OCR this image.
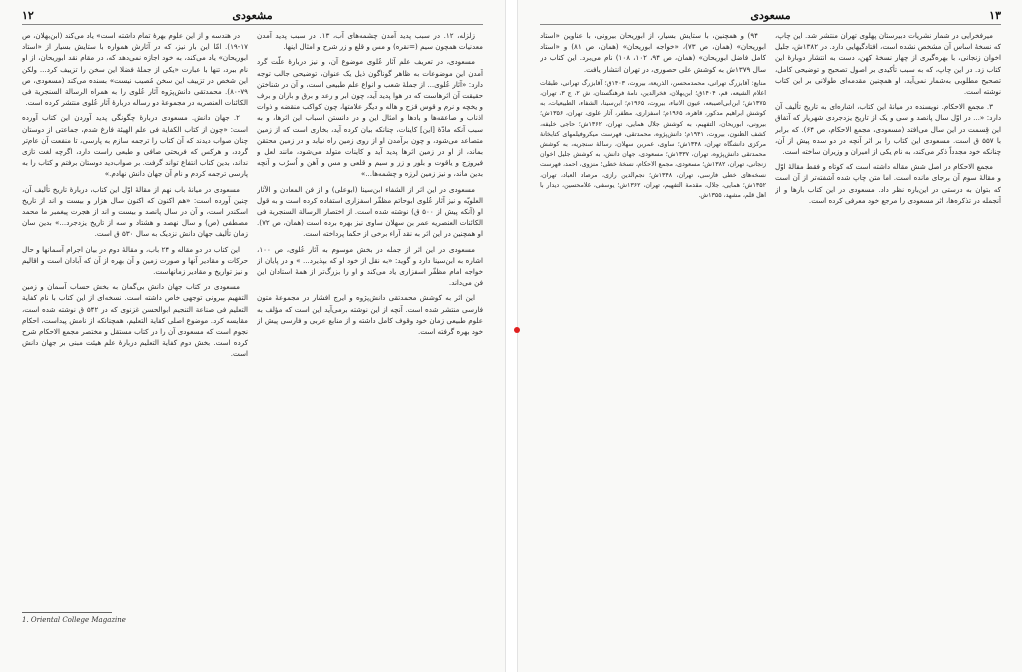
۱۲	مشعودی

زلزله، ۱۲. در سبب پدید آمدن چشمه‌های آب، ۱۳. در سبب پدید آمدن معدنیات همچون سیم (=نقره) و مس و قلع و زر شرح و امثال اینها.

مسعودی، در تعریف علم آثار عُلوی موضوع آن، و نیز دربارهٔ علّت گرد آمدن این موضوعات به ظاهر گوناگون ذیل یک عنوان، توضیحی جالب توجه دارد: «آثار عُلوی... از جملهٔ شعب و انواع علم طبیعی است، و آن در شناختن حقیقت آن اثرهاست که در هوا پدید آید، چون ابر و رعد و برق و باران و برف و یخچه و نرم و قوس قزح و هاله و دیگر علامتها، چون کواکب منقضه و ذوات اذناب و صاعقه‌ها و بادها و امثال این و در دانستن اسباب این اثرها، و به سبب آنکه مادّهٔ [این] کاینات، چنانکه بیان کرده آید، بخاری است که از زمین متصاعد می‌شود، و چون برآمدن او از روی زمین راه نیابد و در زمین محتقن بماند، از او در زمین اثرها پدید آید و کاینات متولد می‌شود، مانند لعل و فیروزج و یاقوت و بلور و زر و سیم و قلعی و مس و آهن و اُسرُب و آنچه بدین ماند، و نیز زمین لرزه و چشمه‌ها...»

مسعودی در این اثر از الشفاء ابن‌سینا (ابوعلی) و از فن المعادن و الآثار العلویّه و نیز آثار عُلوی ابوحاتم مظفّر اسفزاری استفاده کرده است و به قول او (آنکه پیش از ۵۰۰ ق) نوشته شده است. از اختصار الرسالة السنجریة فی الکائنات العنصریه عمر بن سهلان ساوی نیز بهره برده است (همان، ص ۷۲). او همچنین در این اثر به نقد آراء برخی از حکما پرداخته است.

مسعودی در این اثر از جمله در بخش موسوم به آثار عُلوی، ص ۱۰۰، اشاره به ابن‌سینا دارد و گوید: «به نقل از خود او که بپذیرد... » و در پایان از خواجه امام مظفّر اسفزاری یاد می‌کند و او را بزرگ‌تر از همهٔ استادان این فن می‌داند.

این اثر به کوشش محمدتقی دانش‌پژوه و ایرج افشار در مجموعهٔ متون فارسی منتشر شده است. آنچه از این نوشته برمی‌آید این است که مؤلف به علوم طبیعی زمان خود وقوف کامل داشته و از منابع عربی و فارسی پیش از خود بهره گرفته است.

در هندسه و از این علوم بهرهٔ تمام داشته است» یاد می‌کند (ابن‌بهلان، ص ۱۷-۱۹). امّا این بار نیز، که در آثارش همواره با ستایش بسیار از «استاد ابوریحان» یاد می‌کند، به خود اجازه نمی‌دهد که، در مقام نقد ابوریحان، از او نام ببرد، تنها با عبارت «یکی از جملهٔ فضلا این سخن را تزییف کرد... ولکن این شخص در تزییف این سخن مُصیب نیست» بسنده می‌کند (مسعودی، ص ۷۹-۸۰). محمدتقی دانش‌پژوه آثار عُلوی را به همراه الرسالة السنجریة فی الکائنات العنصریه در مجموعهٔ دو رساله دربارهٔ آثار عُلوی منتشر کرده است.

۲. جهان دانش. مسعودی دربارهٔ چگونگی پدید آوردن این کتاب آورده است: «چون از کتاب الکفایة فی علم الهیئة فارغ شدم، جماعتی از دوستان چنان صواب دیدند که آن کتاب را ترجمه سازم به پارسی، تا منفعت آن عام‌تر گردد، و هرکس که فریحتی صافی و طبعی راست دارد، اگرچه لغت تازی نداند، بدین کتاب انتفاع تواند گرفت. بر صواب‌دید دوستان برفتم و کتاب را به پارسی ترجمه کردم و نام آن جهان دانش نهادم.»

مسعودی در میانهٔ باب نهم از مقالهٔ اوّل این کتاب، دربارهٔ تاریخ تألیف آن، چنین آورده است: «هم اکنون که اکنون سال هزار و بیست و اند از تاریخ اسکندر است، و آن در سال پانصد و بیست و اند از هجرت پیغمبر ما محمد مصطفی (ص) و سال نهصد و هشتاد و سه از تاریخ یزدجرد...» بدین سان زمان تألیف جهان دانش نزدیک به سال ۵۳۰ ق است.

این کتاب در دو مقاله و ۲۴ باب، و مقالهٔ دوم در بیان اجرام آسمانها و حال حرکات و مقادیر آنها و صورت زمین و آن بهره از آن که آبادان است و اقالیم و نیز تواریخ و مقادیر زمانهاست.

مسعودی در کتاب جهان دانش بی‌گمان به بخش حساب آسمان و زمین التفهیم بیرونی توجهی خاص داشته است. نسخه‌ای از این کتاب با نام کفایة التعلیم فی صناعة التنجیم ابوالحسن غزنوی که در ۵۴۲ ق نوشته شده است، مقایسه کرد. موضوع اصلی کفایة التعلیم، همچنانکه از نامش پیداست، احکام نجوم است که مسعودی آن را در کتاب مستقل و مختصر مجمع الاحکام شرح کرده است. بخش دوم کفایة التعلیم دربارهٔ علم هیئت مبنی بر جهان دانش است.

1. Oriental College Magazine
مسعودی	۱۳

میرفخرایی در شمار نشریات دبیرستان پهلوی تهران منتشر شد. این چاپ، که نسخهٔ اساس آن مشخص نشده است، افتادگیهایی دارد. در ۱۳۸۲ش، جلیل اخوان زنجانی، با بهره‌گیری از چهار نسخهٔ کهن، دست به انتشار دوبارهٔ این کتاب زد. در این چاپ، که به سبب تأکیدی بر اصول تصحیح و توضیحی کامل، تصحیح مطلوبی به‌شمار نمی‌آید، او همچنین مقدمه‌ای طولانی بر این کتاب نوشته است.

۳. مجمع الاحکام. نویسنده در میانهٔ این کتاب، اشاره‌ای به تاریخ تألیف آن دارد: «... در اوّل سال پانصد و سی و یک از تاریخ یزدجردی شهریار که آتفاق این قِسمت در این سال می‌افتد (مسعودی، مجمع الاحکام، ص ۶۴). که برابر با ۵۵۷ ق است. مسعودی این کتاب را بر اثر آنچه در دو سده پیش از آن، چنانکه خود مجدداً ذکر می‌کند، به نام یکی از امیران و وزیران ساخته است.

مجمع الاحکام در اصل شش مقاله داشته است که کوتاه و فقط مقالهٔ اوّل و مقالهٔ سوم آن برجای مانده است. اما متن چاپ شده آشفته‌تر از آن است که بتوان به درستی در این‌باره نظر داد. مسعودی در این کتاب بارها و از آنجمله در تذکره‌ها، اثر مسعودی را مرجع خود معرفی کرده است.

۹۴) و همچنین، با ستایش بسیار، از ابوریحان بیرونی، با عناوین «استاد ابوریحان» (همان، ص ۷۳)، «خواجه ابوریحان» (همان، ص ۸۱) و «استاد کامل فاضل ابوریحان» (همان، ص ۹۴، ۱۰۲، ۱۰۸) نام می‌برد. این کتاب در سال ۱۳۷۹ش به کوشش علی حصوری، در تهران انتشار یافت.

منابع: آقابزرگ تهرانی، محمدمحسن، الذریعة، بیروت، ۱۴۰۳ق؛ آقابزرگ تهرانی، طبقات اعلام الشیعه، قم، ۱۴۰۴ق؛ ابن‌بهلان، فخرالدین، نامهٔ فرهنگستان، ش ۲، ج ۳، تهران، ۱۳۷۵ش؛ ابن‌ابی‌اصیبعه، عیون الانباء، بیروت، ۱۹۶۵م؛ ابن‌سینا، الشفاء، الطبیعیات، به کوشش ابراهیم مدکور، قاهره، ۱۹۶۵م؛ اسفزاری، مظفر، آثار علوی، تهران، ۱۳۵۶ش؛ بیرونی، ابوریحان، التفهیم، به کوشش جلال همایی، تهران، ۱۳۶۲ش؛ حاجی خلیفه، کشف الظنون، بیروت، ۱۹۴۱م؛ دانش‌پژوه، محمدتقی، فهرست میکروفیلمهای کتابخانهٔ مرکزی دانشگاه تهران، ۱۳۴۸ش؛ ساوی، عمربن سهلان، رسالهٔ سنجریه، به کوشش محمدتقی دانش‌پژوه، تهران، ۱۳۳۷ش؛ مسعودی، جهان دانش، به کوشش جلیل اخوان زنجانی، تهران، ۱۳۸۲ش؛ مسعودی، مجمع الاحکام، نسخهٔ خطی؛ منزوی، احمد، فهرست نسخه‌های خطی فارسی، تهران، ۱۳۴۸ش؛ نجم‌الدین رازی، مرصاد العباد، تهران، ۱۳۵۲ش؛ همایی، جلال، مقدمهٔ التفهیم، تهران، ۱۳۶۲ش؛ یوسفی، غلامحسین، دیدار با اهل قلم، مشهد، ۱۳۵۵ش.
